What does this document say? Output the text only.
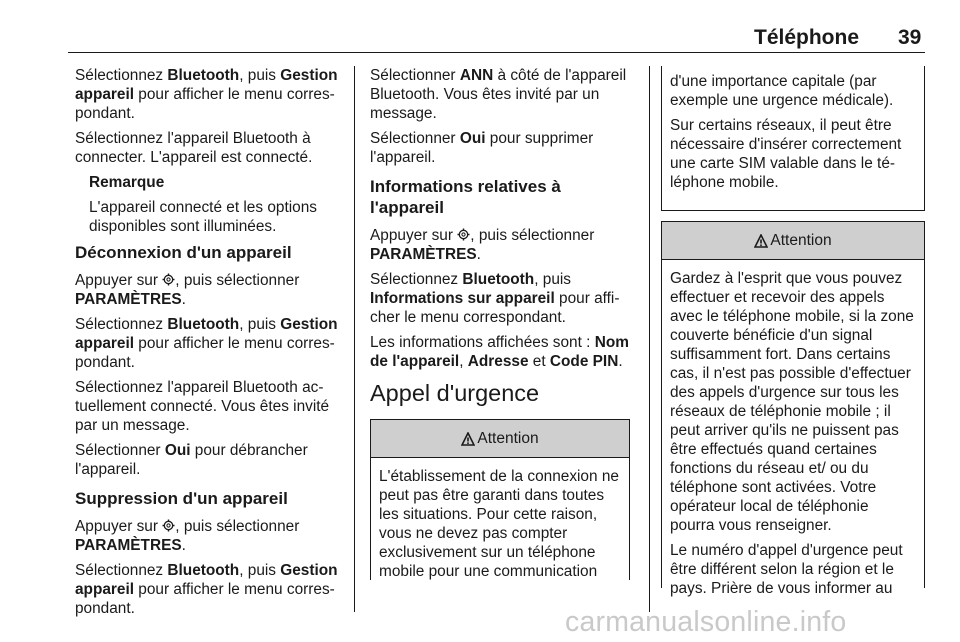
Téléphone 39

Sélectionnez Bluetooth, puis Gestion appareil pour afficher le menu correspondant.

Sélectionnez l'appareil Bluetooth à connecter. L'appareil est connecté.

Remarque

L'appareil connecté et les options disponibles sont illuminées.

Déconnexion d'un appareil

Appuyer sur , puis sélectionner PARAMÈTRES.

Sélectionnez Bluetooth, puis Gestion appareil pour afficher le menu correspondant.

Sélectionnez l'appareil Bluetooth actuellement connecté. Vous êtes invité par un message.

Sélectionner Oui pour débrancher l'appareil.

Suppression d'un appareil

Appuyer sur , puis sélectionner PARAMÈTRES.

Sélectionnez Bluetooth, puis Gestion appareil pour afficher le menu correspondant.

Sélectionner ANN à côté de l'appareil Bluetooth. Vous êtes invité par un message.

Sélectionner Oui pour supprimer l'appareil.

Informations relatives à l'appareil

Appuyer sur , puis sélectionner PARAMÈTRES.

Sélectionnez Bluetooth, puis Informations sur appareil pour afficher le menu correspondant.

Les informations affichées sont : Nom de l'appareil, Adresse et Code PIN.

Appel d'urgence
Attention
L'établissement de la connexion ne peut pas être garanti dans toutes les situations. Pour cette raison, vous ne devez pas compter exclusivement sur un téléphone mobile pour une communication

d'une importance capitale (par exemple une urgence médicale).

Sur certains réseaux, il peut être nécessaire d'insérer correctement une carte SIM valable dans le téléphone mobile.

Attention

Gardez à l'esprit que vous pouvez effectuer et recevoir des appels avec le téléphone mobile, si la zone couverte bénéficie d'un signal suffisamment fort. Dans certains cas, il n'est pas possible d'effectuer des appels d'urgence sur tous les réseaux de téléphonie mobile ; il peut arriver qu'ils ne puissent pas être effectués quand certaines fonctions du réseau et/ ou du téléphone sont activées. Votre opérateur local de téléphonie pourra vous renseigner.

Le numéro d'appel d'urgence peut être différent selon la région et le pays. Prière de vous informer au

carmanualsonline.info
